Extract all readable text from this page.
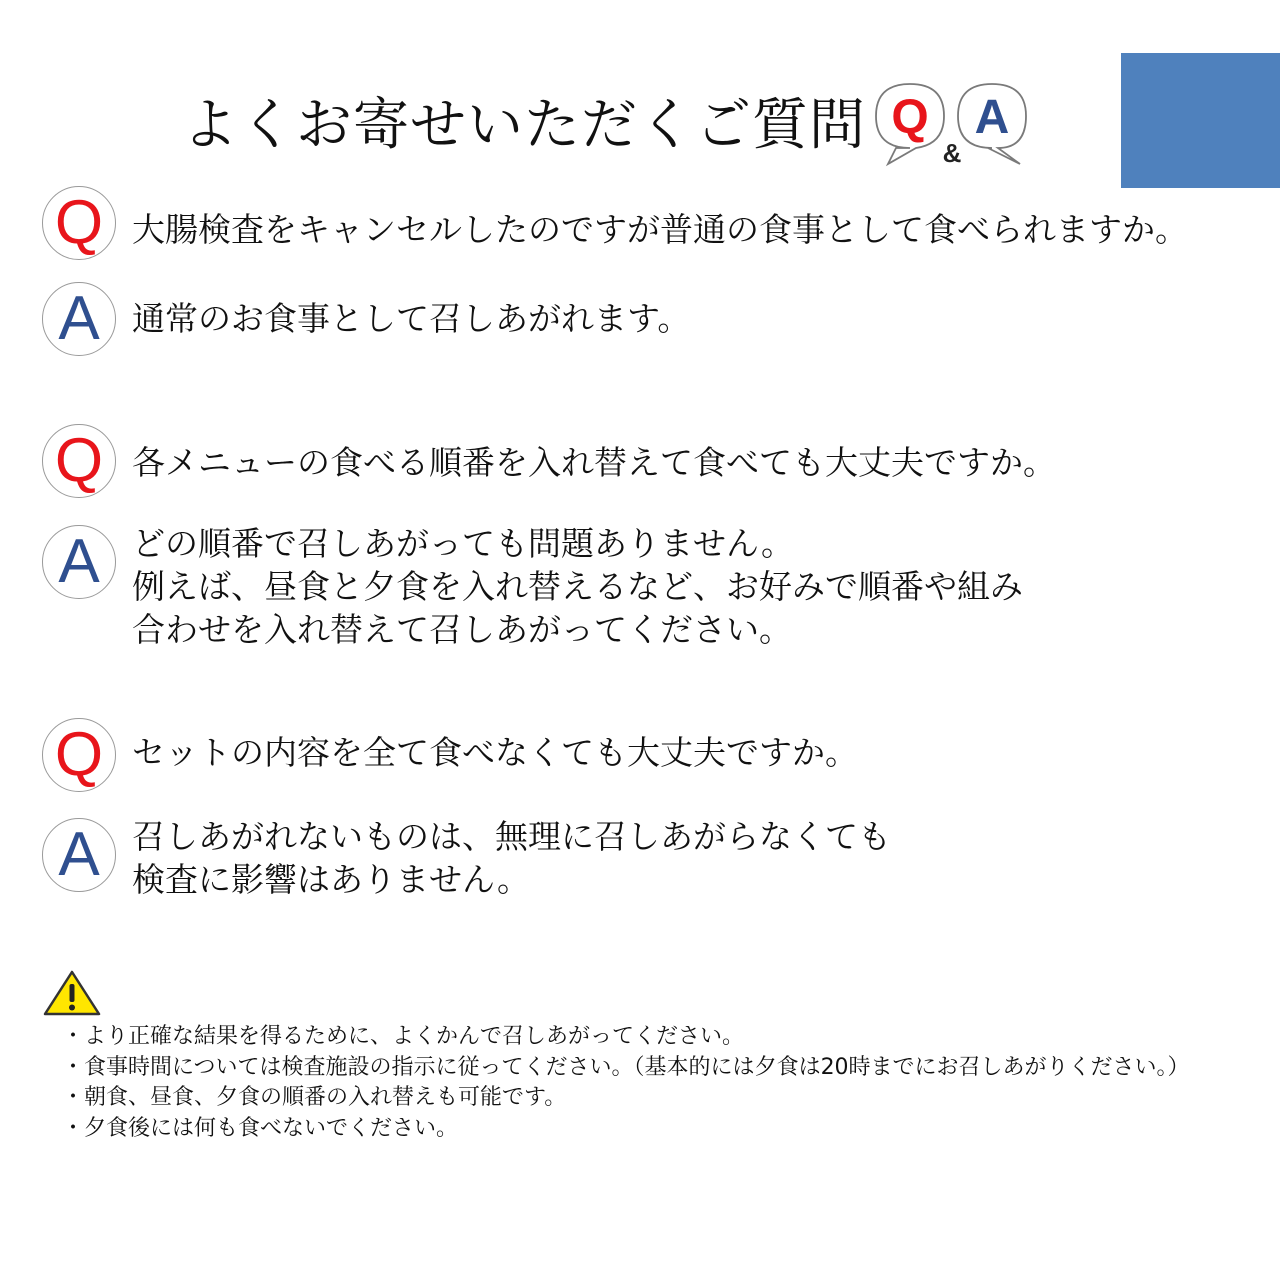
よくお寄せいただくご質問 Q
&
A
Q 大腸検査をキャンセルしたのですが普通の食事として食べられますか。
A 通常のお食事として召しあがれます。
Q 各メニューの食べる順番を入れ替えて食べても大丈夫ですか。
A どの順番で召しあがっても問題ありません。
例えば、昼食と夕食を入れ替えるなど、お好みで順番や組み
合わせを入れ替えて召しあがってください。
Q セットの内容を全て食べなくても大丈夫ですか。
A 召しあがれないものは、無理に召しあがらなくても
検査に影響はありません。
・より正確な結果を得るために、よくかんで召しあがってください。
・食事時間については検査施設の指示に従ってください。（基本的には夕食は20時までにお召しあがりください。）
・朝食、昼食、夕食の順番の入れ替えも可能です。
・夕食後には何も食べないでください。
